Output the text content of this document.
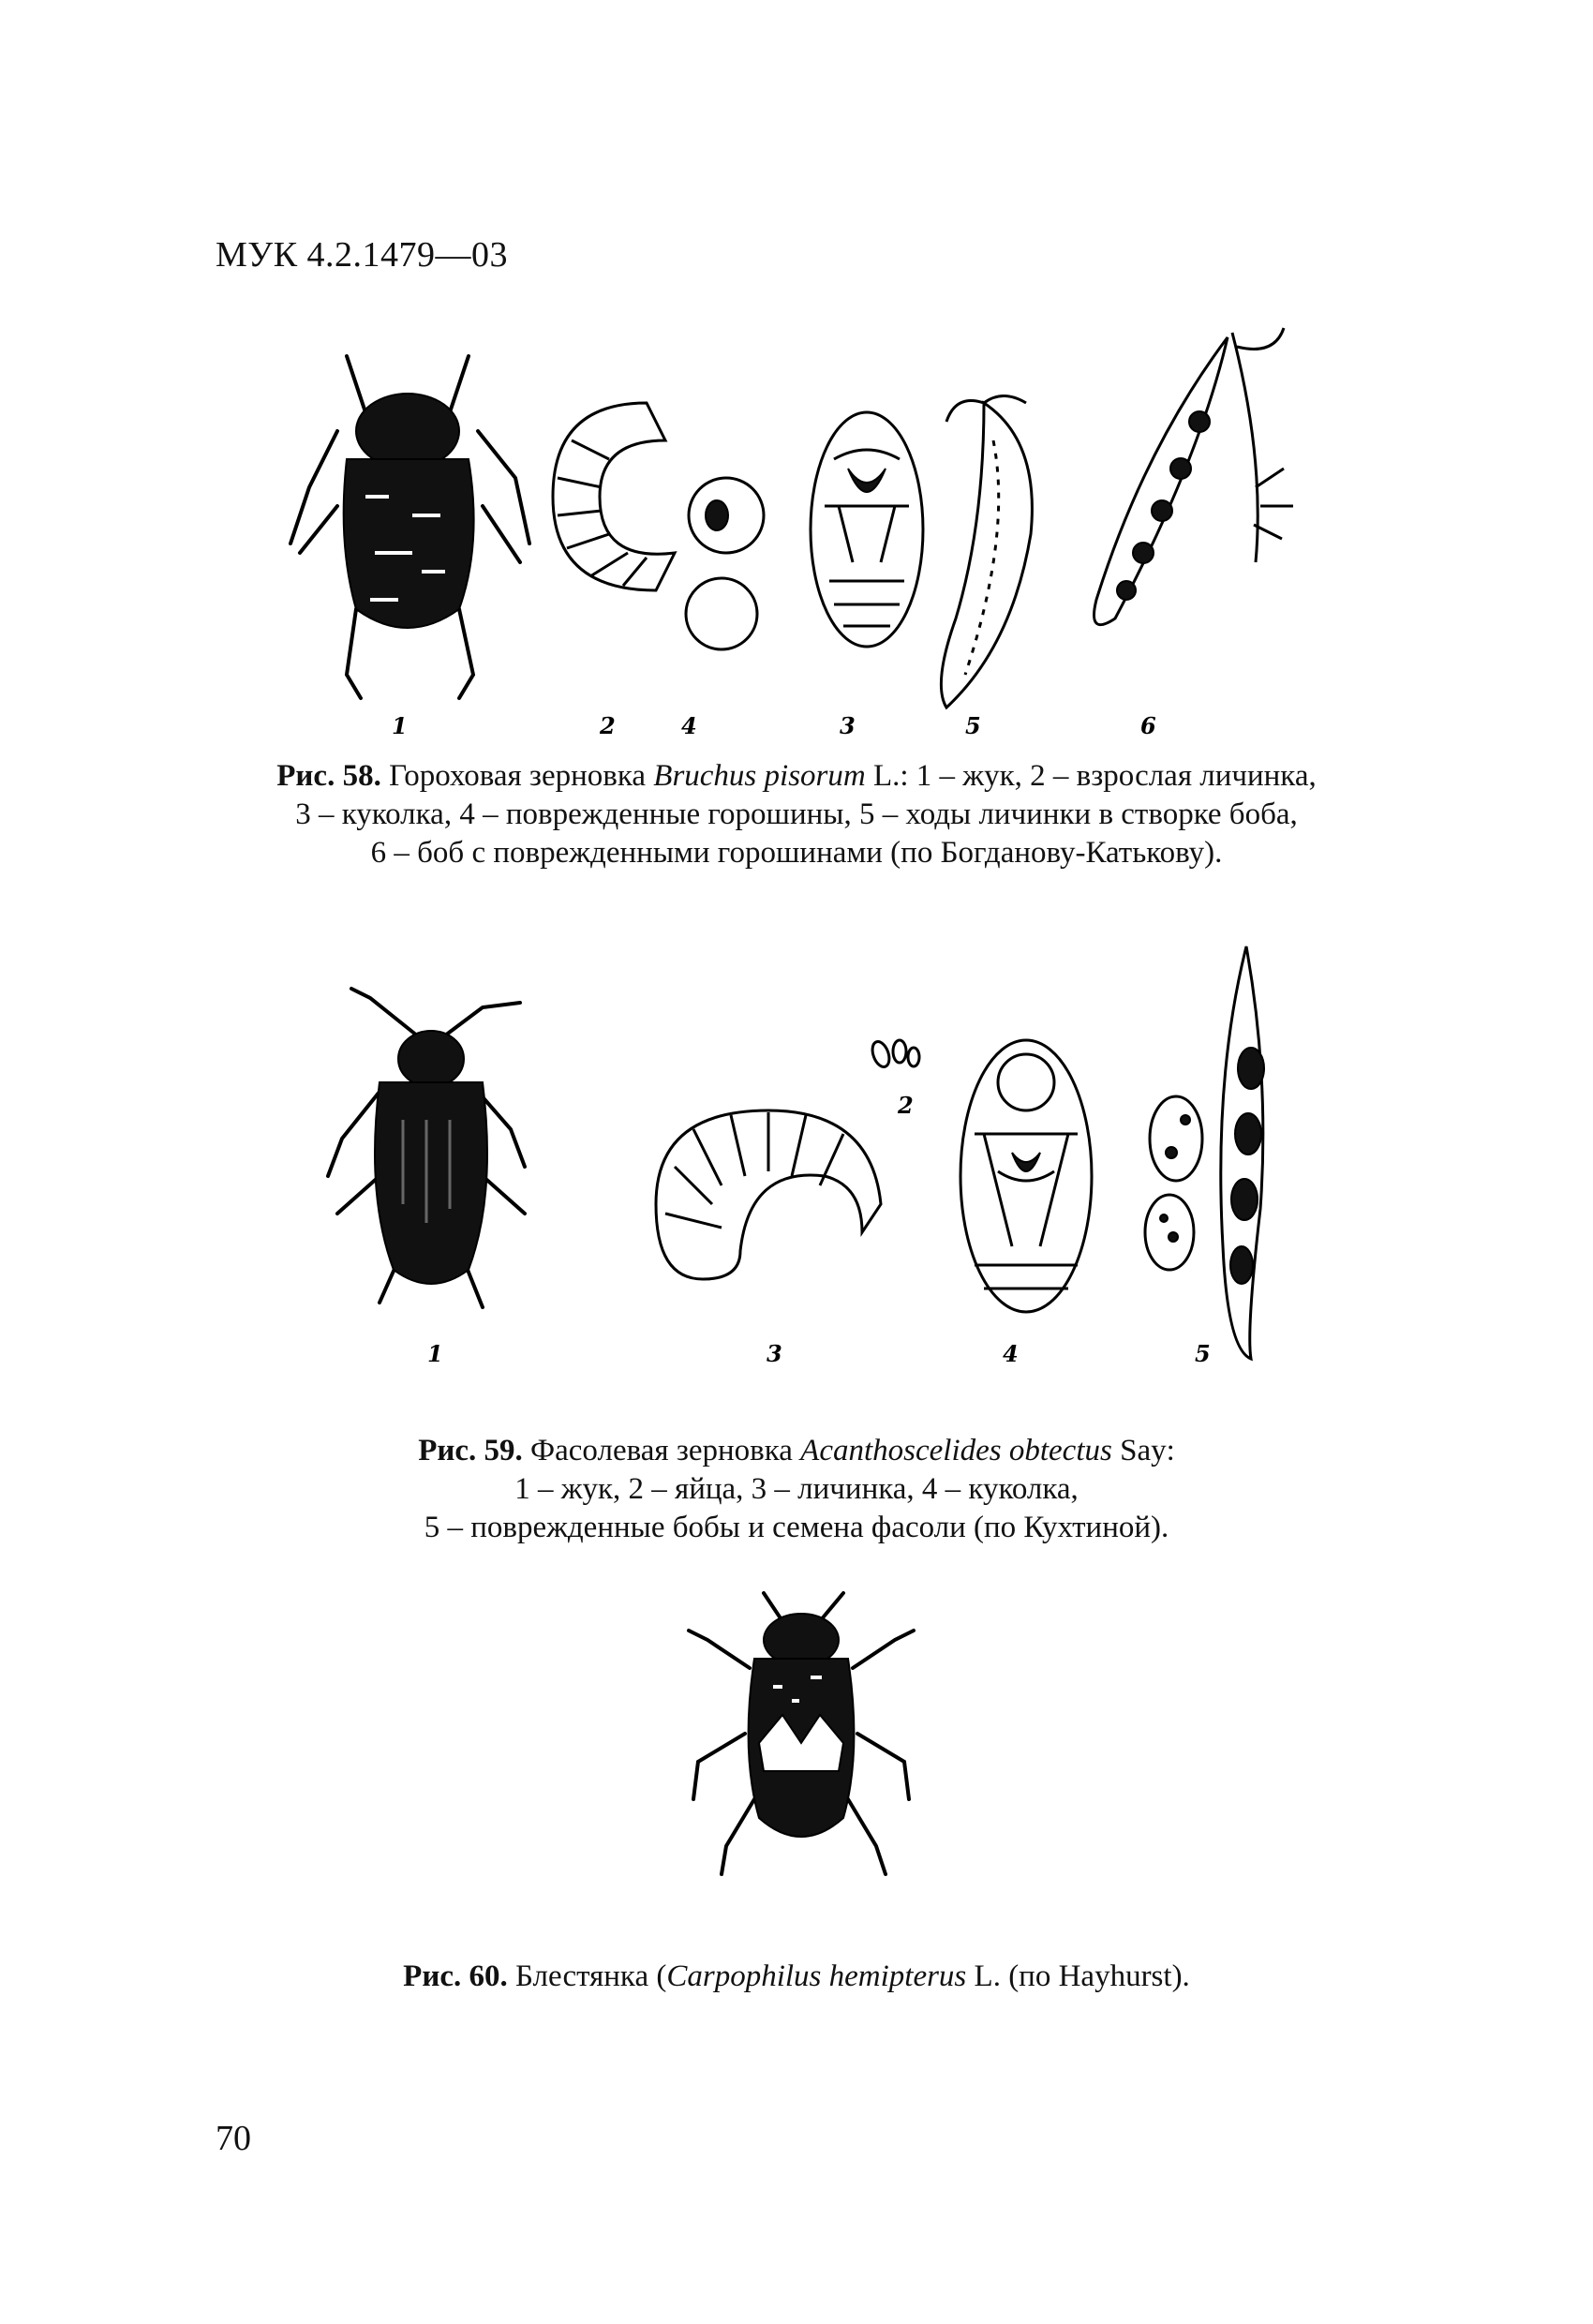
МУК 4.2.1479—03
1	2	4	3	5	6
Рис. 58. Гороховая зерновка Bruchus pisorum L.: 1 – жук, 2 – взрослая личинка,
3 – куколка, 4 – поврежденные горошины, 5 – ходы личинки в створке боба,
6 – боб с поврежденными горошинами (по Богданову-Катькову).
1
2
3	4	5
Рис. 59. Фасолевая зерновка Acanthoscelides obtectus Say:
1 – жук, 2 – яйца, 3 – личинка, 4 – куколка,
5 – поврежденные бобы и семена фасоли (по Кухтиной).
Рис. 60. Блестянка (Carpophilus hemipterus L. (по Hayhurst).
70
